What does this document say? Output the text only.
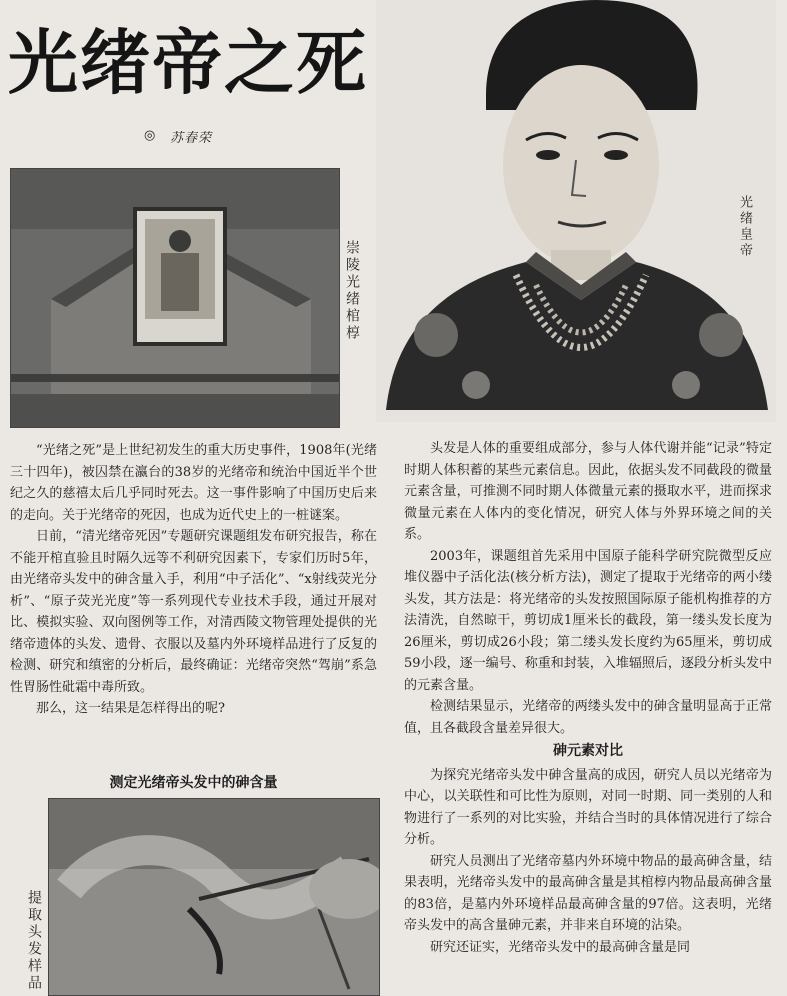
光绪帝之死
◎ 苏春荣
崇陵光绪棺椁
光绪皇帝

“光绪之死”是上世纪初发生的重大历史事件，1908年(光绪三十四年)，被囚禁在瀛台的38岁的光绪帝和统治中国近半个世纪之久的慈禧太后几乎同时死去。这一事件影响了中国历史后来的走向。关于光绪帝的死因，也成为近代史上的一桩谜案。

日前，“清光绪帝死因”专题研究课题组发布研究报告，称在不能开棺直验且时隔久远等不利研究因素下，专家们历时5年，由光绪帝头发中的砷含量入手，利用“中子活化”、“x射线荧光分析”、“原子荧光光度”等一系列现代专业技术手段，通过开展对比、模拟实验、双向图例等工作，对清西陵文物管理处提供的光绪帝遗体的头发、遗骨、衣服以及墓内外环境样品进行了反复的检测、研究和缜密的分析后，最终确证：光绪帝突然“驾崩”系急性胃肠性砒霜中毒所致。

那么，这一结果是怎样得出的呢?

测定光绪帝头发中的砷含量
提取头发样品

头发是人体的重要组成部分，参与人体代谢并能“记录”特定时期人体积蓄的某些元素信息。因此，依据头发不同截段的微量元素含量，可推测不同时期人体微量元素的摄取水平，进而探求微量元素在人体内的变化情况，研究人体与外界环境之间的关系。

2003年，课题组首先采用中国原子能科学研究院微型反应堆仪器中子活化法(核分析方法)，测定了提取于光绪帝的两小缕头发，其方法是：将光绪帝的头发按照国际原子能机构推荐的方法清洗，自然晾干，剪切成1厘米长的截段，第一缕头发长度为26厘米，剪切成26小段；第二缕头发长度约为65厘米，剪切成59小段，逐一编号、称重和封装，入堆辐照后，逐段分析头发中的元素含量。

检测结果显示，光绪帝的两缕头发中的砷含量明显高于正常值，且各截段含量差异很大。

砷元素对比

为探究光绪帝头发中砷含量高的成因，研究人员以光绪帝为中心，以关联性和可比性为原则，对同一时期、同一类别的人和物进行了一系列的对比实验，并结合当时的具体情况进行了综合分析。

研究人员测出了光绪帝墓内外环境中物品的最高砷含量，结果表明，光绪帝头发中的最高砷含量是其棺椁内物品最高砷含量的83倍，是墓内外环境样品最高砷含量的97倍。这表明，光绪帝头发中的高含量砷元素，并非来自环境的沾染。

研究还证实，光绪帝头发中的最高砷含量是同
